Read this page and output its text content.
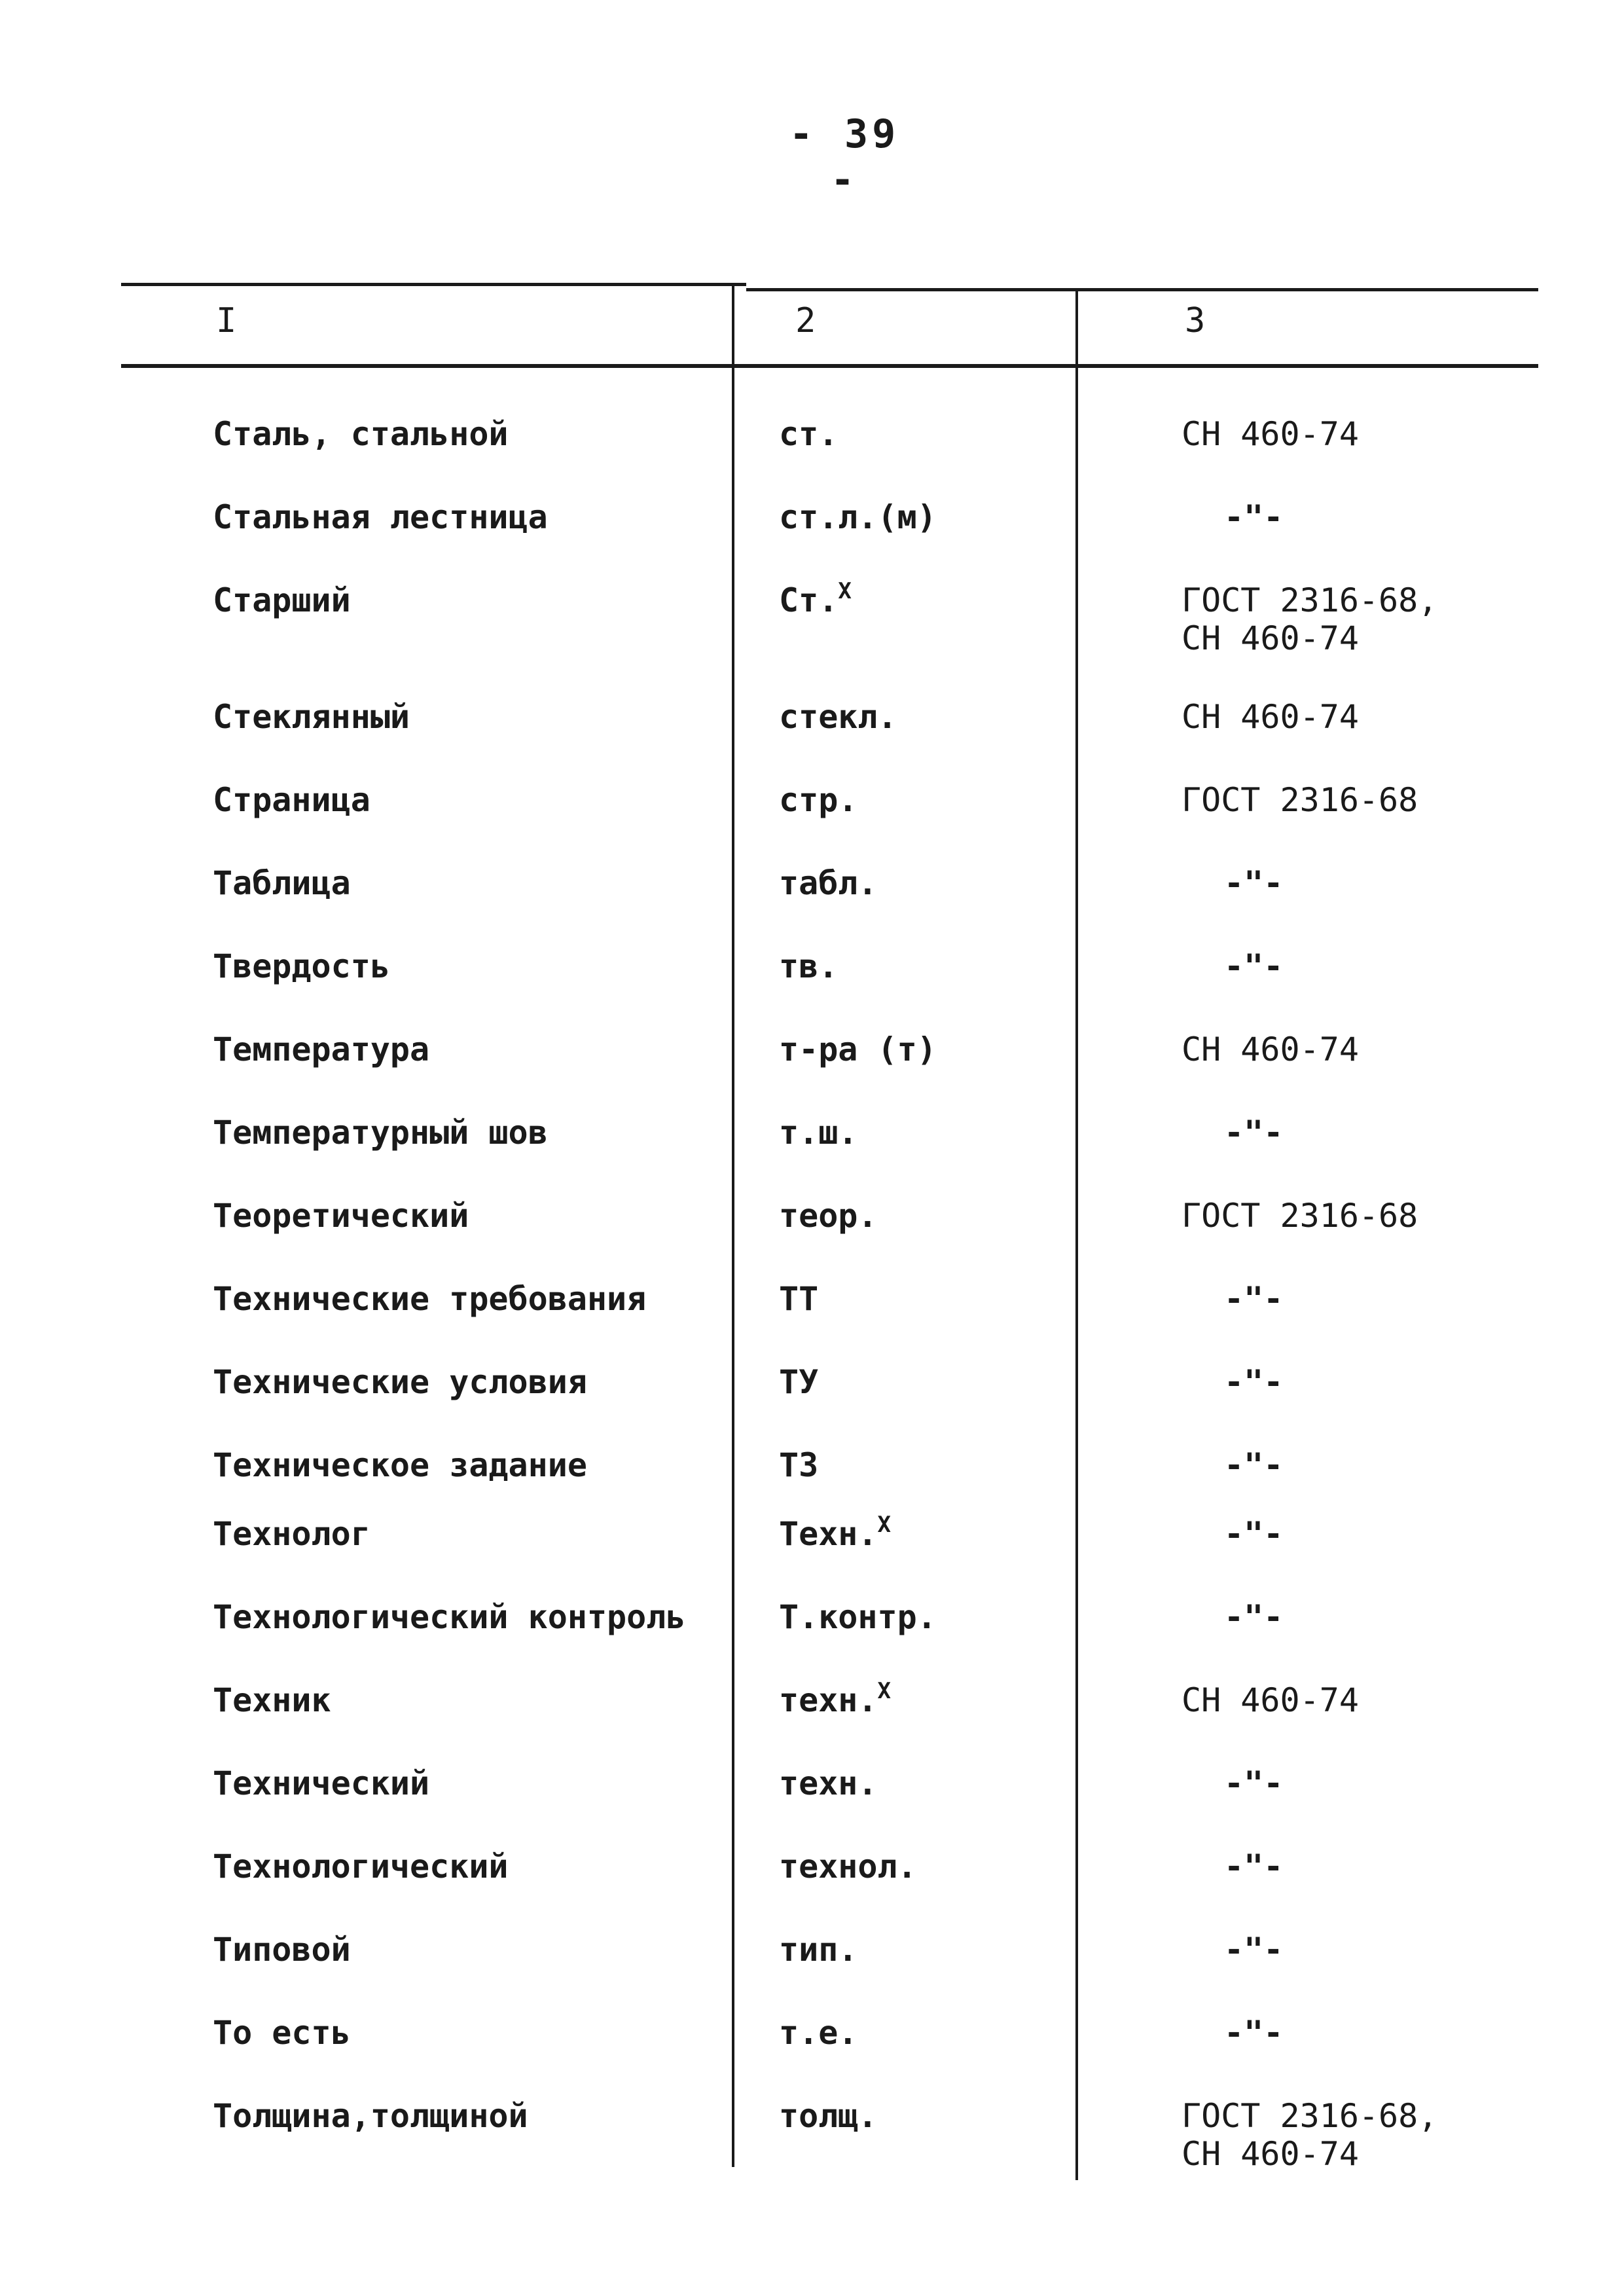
- 39 -
I	2	3
Сталь, стальной	ст.	СН 460-74
Стальная лестница	ст.л.(м)	-"-
Старший	Ст.$^X$	ГОСТ 2316-68,
СН 460-74
Стеклянный	стекл.	СН 460-74
Страница	стр.	ГОСТ 2316-68
Таблица	табл.	-"-
Твердость	тв.	-"-
Температура	т-ра (т)	СН 460-74
Температурный шов	т.ш.	-"-
Теоретический	теор.	ГОСТ 2316-68
Технические требования	ТТ	-"-
Технические условия	ТУ	-"-
Техническое задание	ТЗ	-"-
Технолог	Техн.$^X$	-"-
Технологический контроль	Т.контр.	-"-
Техник	техн.$^X$	СН 460-74
Технический	техн.	-"-
Технологический	технол.	-"-
Типовой	тип.	-"-
То есть	т.е.	-"-
Толщина,толщиной	толщ.	ГОСТ 2316-68,
СН 460-74
